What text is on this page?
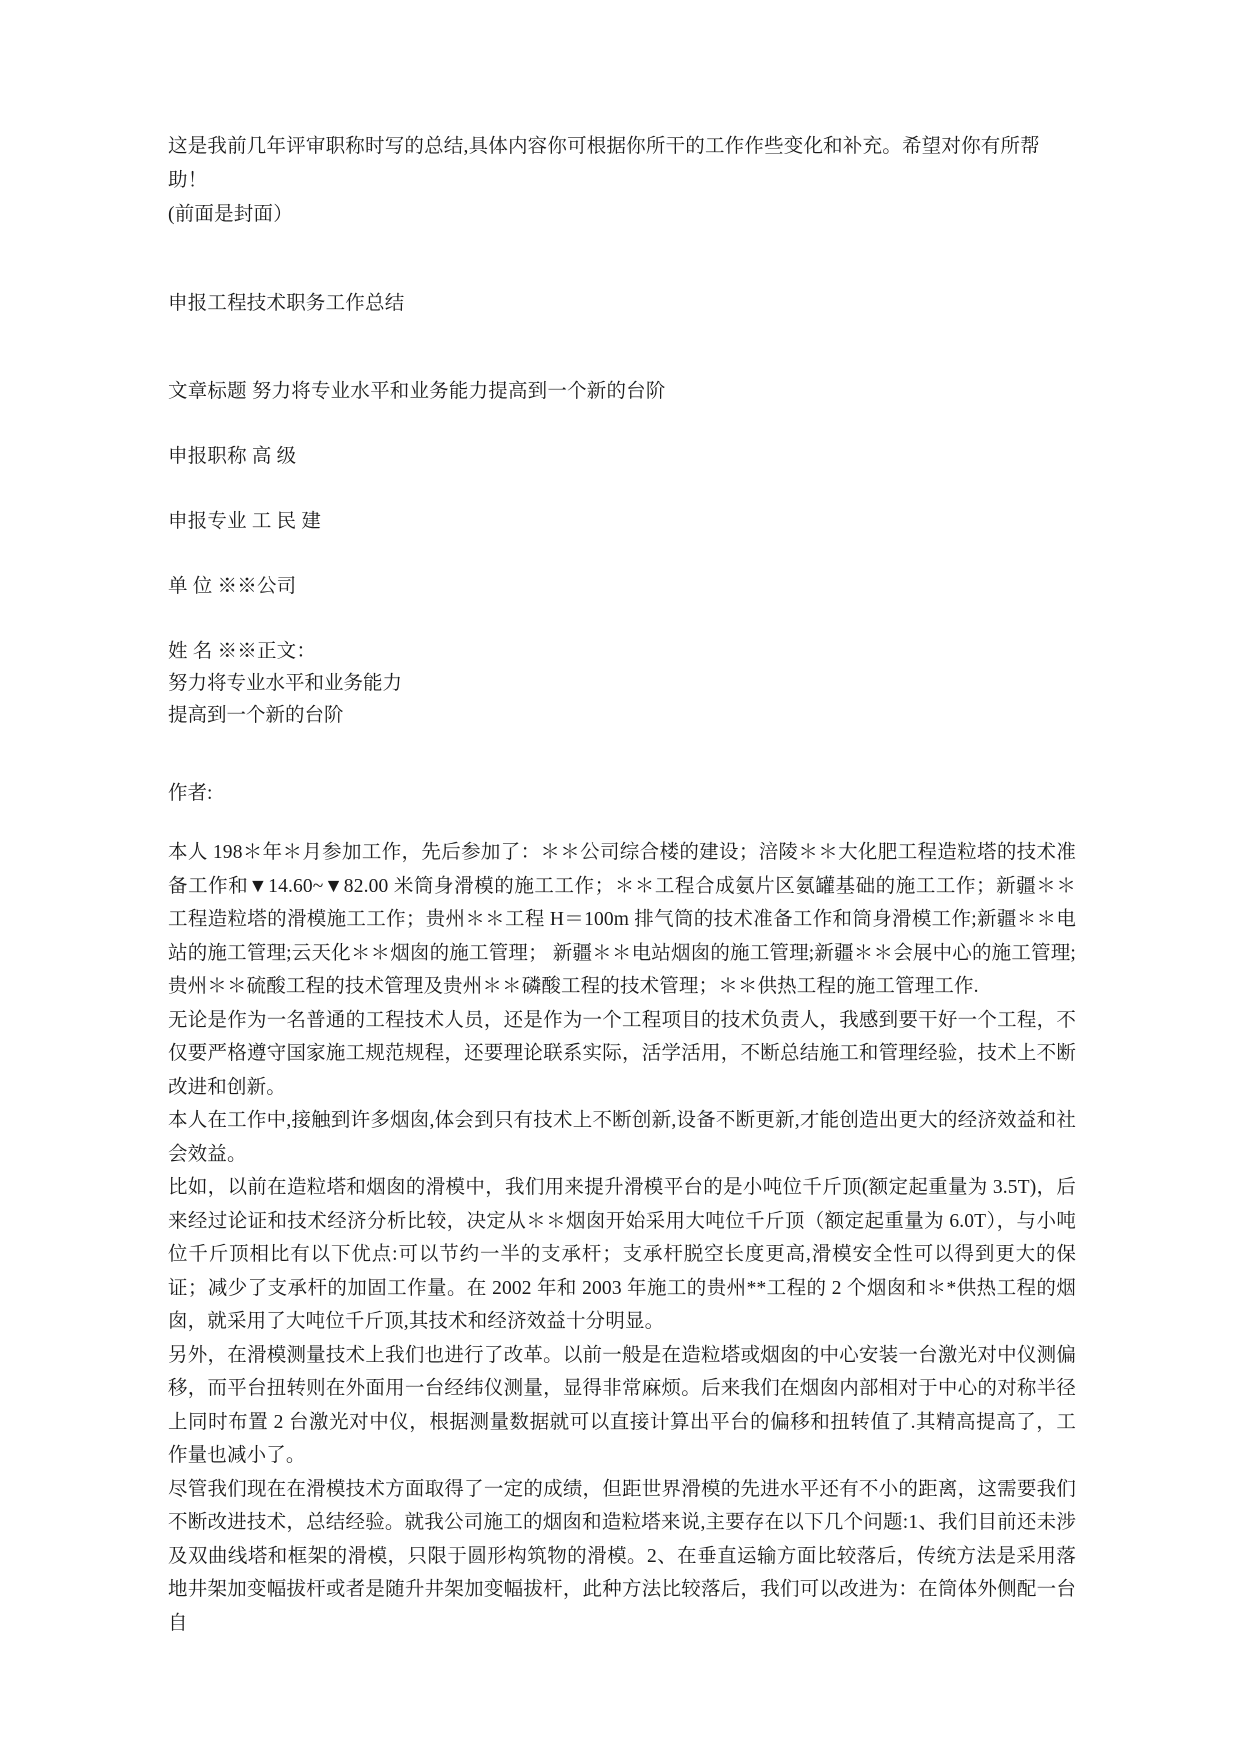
这是我前几年评审职称时写的总结,具体内容你可根据你所干的工作作些变化和补充。希望对你有所帮助！
(前面是封面）
申报工程技术职务工作总结
文章标题 努力将专业水平和业务能力提高到一个新的台阶
申报职称 高 级
申报专业 工 民 建
单 位 ※※公司
姓 名 ※※正文：
努力将专业水平和业务能力
提高到一个新的台阶
作者:

本人 198＊年＊月参加工作，先后参加了：＊＊公司综合楼的建设；涪陵＊＊大化肥工程造粒塔的技术准备工作和▼14.60~▼82.00 米筒身滑模的施工工作；＊＊工程合成氨片区氨罐基础的施工工作；新疆＊＊工程造粒塔的滑模施工工作；贵州＊＊工程 H＝100m 排气筒的技术准备工作和筒身滑模工作;新疆＊＊电站的施工管理;云天化＊＊烟囱的施工管理； 新疆＊＊电站烟囱的施工管理;新疆＊＊会展中心的施工管理;贵州＊＊硫酸工程的技术管理及贵州＊＊磷酸工程的技术管理；＊＊供热工程的施工管理工作.

无论是作为一名普通的工程技术人员，还是作为一个工程项目的技术负责人，我感到要干好一个工程，不仅要严格遵守国家施工规范规程，还要理论联系实际，活学活用，不断总结施工和管理经验，技术上不断改进和创新。

本人在工作中,接触到许多烟囱,体会到只有技术上不断创新,设备不断更新,才能创造出更大的经济效益和社会效益。

比如，以前在造粒塔和烟囱的滑模中，我们用来提升滑模平台的是小吨位千斤顶(额定起重量为 3.5T)，后来经过论证和技术经济分析比较，决定从＊＊烟囱开始采用大吨位千斤顶（额定起重量为 6.0T），与小吨位千斤顶相比有以下优点:可以节约一半的支承杆；支承杆脱空长度更高,滑模安全性可以得到更大的保证；减少了支承杆的加固工作量。在 2002 年和 2003 年施工的贵州**工程的 2 个烟囱和＊*供热工程的烟囱，就采用了大吨位千斤顶,其技术和经济效益十分明显。

另外，在滑模测量技术上我们也进行了改革。以前一般是在造粒塔或烟囱的中心安装一台激光对中仪测偏移，而平台扭转则在外面用一台经纬仪测量，显得非常麻烦。后来我们在烟囱内部相对于中心的对称半径上同时布置 2 台激光对中仪，根据测量数据就可以直接计算出平台的偏移和扭转值了.其精高提高了，工作量也减小了。

尽管我们现在在滑模技术方面取得了一定的成绩，但距世界滑模的先进水平还有不小的距离，这需要我们不断改进技术，总结经验。就我公司施工的烟囱和造粒塔来说,主要存在以下几个问题:1、我们目前还未涉及双曲线塔和框架的滑模，只限于圆形构筑物的滑模。2、在垂直运输方面比较落后，传统方法是采用落地井架加变幅拔杆或者是随升井架加变幅拔杆，此种方法比较落后，我们可以改进为：在筒体外侧配一台自
